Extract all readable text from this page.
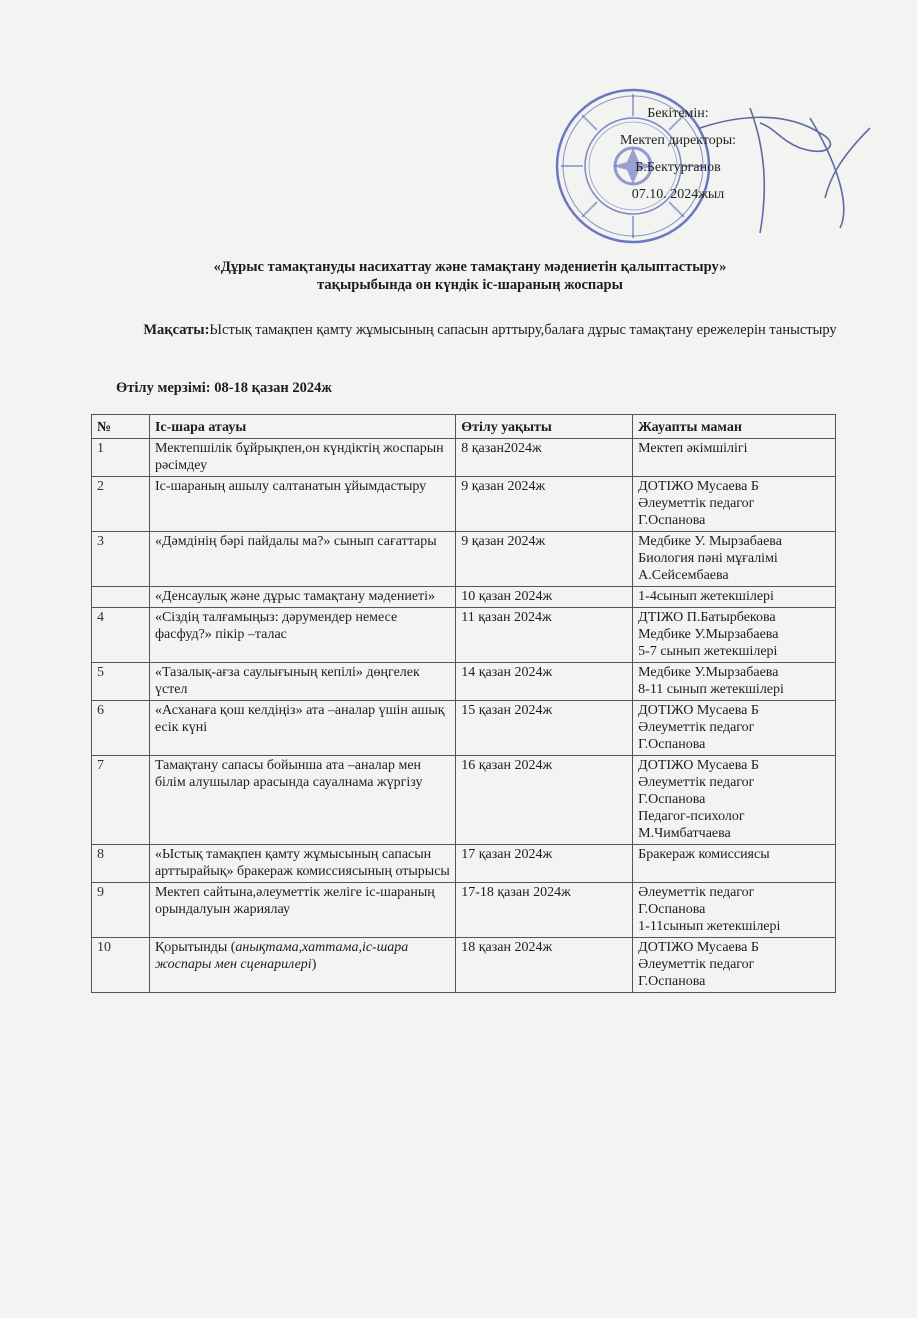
Бекітемін:
Мектеп директоры:
Б.Бектурганов
07.10. 2024жыл
«Дұрыс тамақтануды насихаттау және тамақтану мәдениетін қалыптастыру»
тақырыбында он күндік іс-шараның жоспары
Мақсаты:Ыстық тамақпен қамту жұмысының сапасын арттыру,балаға дұрыс тамақтану ережелерін таныстыру
Өтілу мерзімі: 08-18 қазан 2024ж
№	Іс-шара атауы	Өтілу уақыты	Жауапты маман
1	Мектепшілік бұйрықпен,он күндіктің жоспарын рәсімдеу	8 қазан2024ж	Мектеп әкімшілігі

2	Іс-шараның ашылу салтанатын ұйымдастыру	9 қазан 2024ж	ДОТІЖО Мусаева Б
Әлеуметтік педагог
Г.Оспанова

3	«Дәмдінің бәрі пайдалы ма?» сынып сағаттары	9 қазан 2024ж	Медбике У. Мырзабаева
Биология пәні мұғалімі
А.Сейсембаева

	«Денсаулық және дұрыс тамақтану мәдениеті»	10 қазан 2024ж	1-4сынып жетекшілері

4	«Сіздің талғамыңыз: дәрумендер немесе фасфуд?» пікір –талас	11 қазан 2024ж	ДТІЖО П.Батырбекова
Медбике У.Мырзабаева
5-7 сынып жетекшілері

5	«Тазалық-ағза саулығының кепілі» дөңгелек үстел	14 қазан 2024ж	Медбике У.Мырзабаева
8-11 сынып жетекшілері

6	«Асханаға қош келдіңіз» ата –аналар үшін ашық есік күні	15 қазан 2024ж	ДОТІЖО Мусаева Б
Әлеуметтік педагог
Г.Оспанова

7	Тамақтану сапасы бойынша ата –аналар мен білім алушылар арасында сауалнама жүргізу	16 қазан 2024ж	ДОТІЖО Мусаева Б
Әлеуметтік педагог
Г.Оспанова
Педагог-психолог
М.Чимбатчаева

8	«Ыстық тамақпен қамту жұмысының сапасын арттырайық» бракераж комиссиясының отырысы	17 қазан 2024ж	Бракераж комиссиясы

9	Мектеп сайтына,әлеуметтік желіге іс-шараның орындалуын жариялау	17-18 қазан 2024ж	Әлеуметтік педагог
Г.Оспанова
1-11сынып жетекшілері

10	Қорытынды (анықтама,хаттама,іс-шара жоспары мен сценарилері)	18 қазан 2024ж	ДОТІЖО Мусаева Б
Әлеуметтік педагог
Г.Оспанова
